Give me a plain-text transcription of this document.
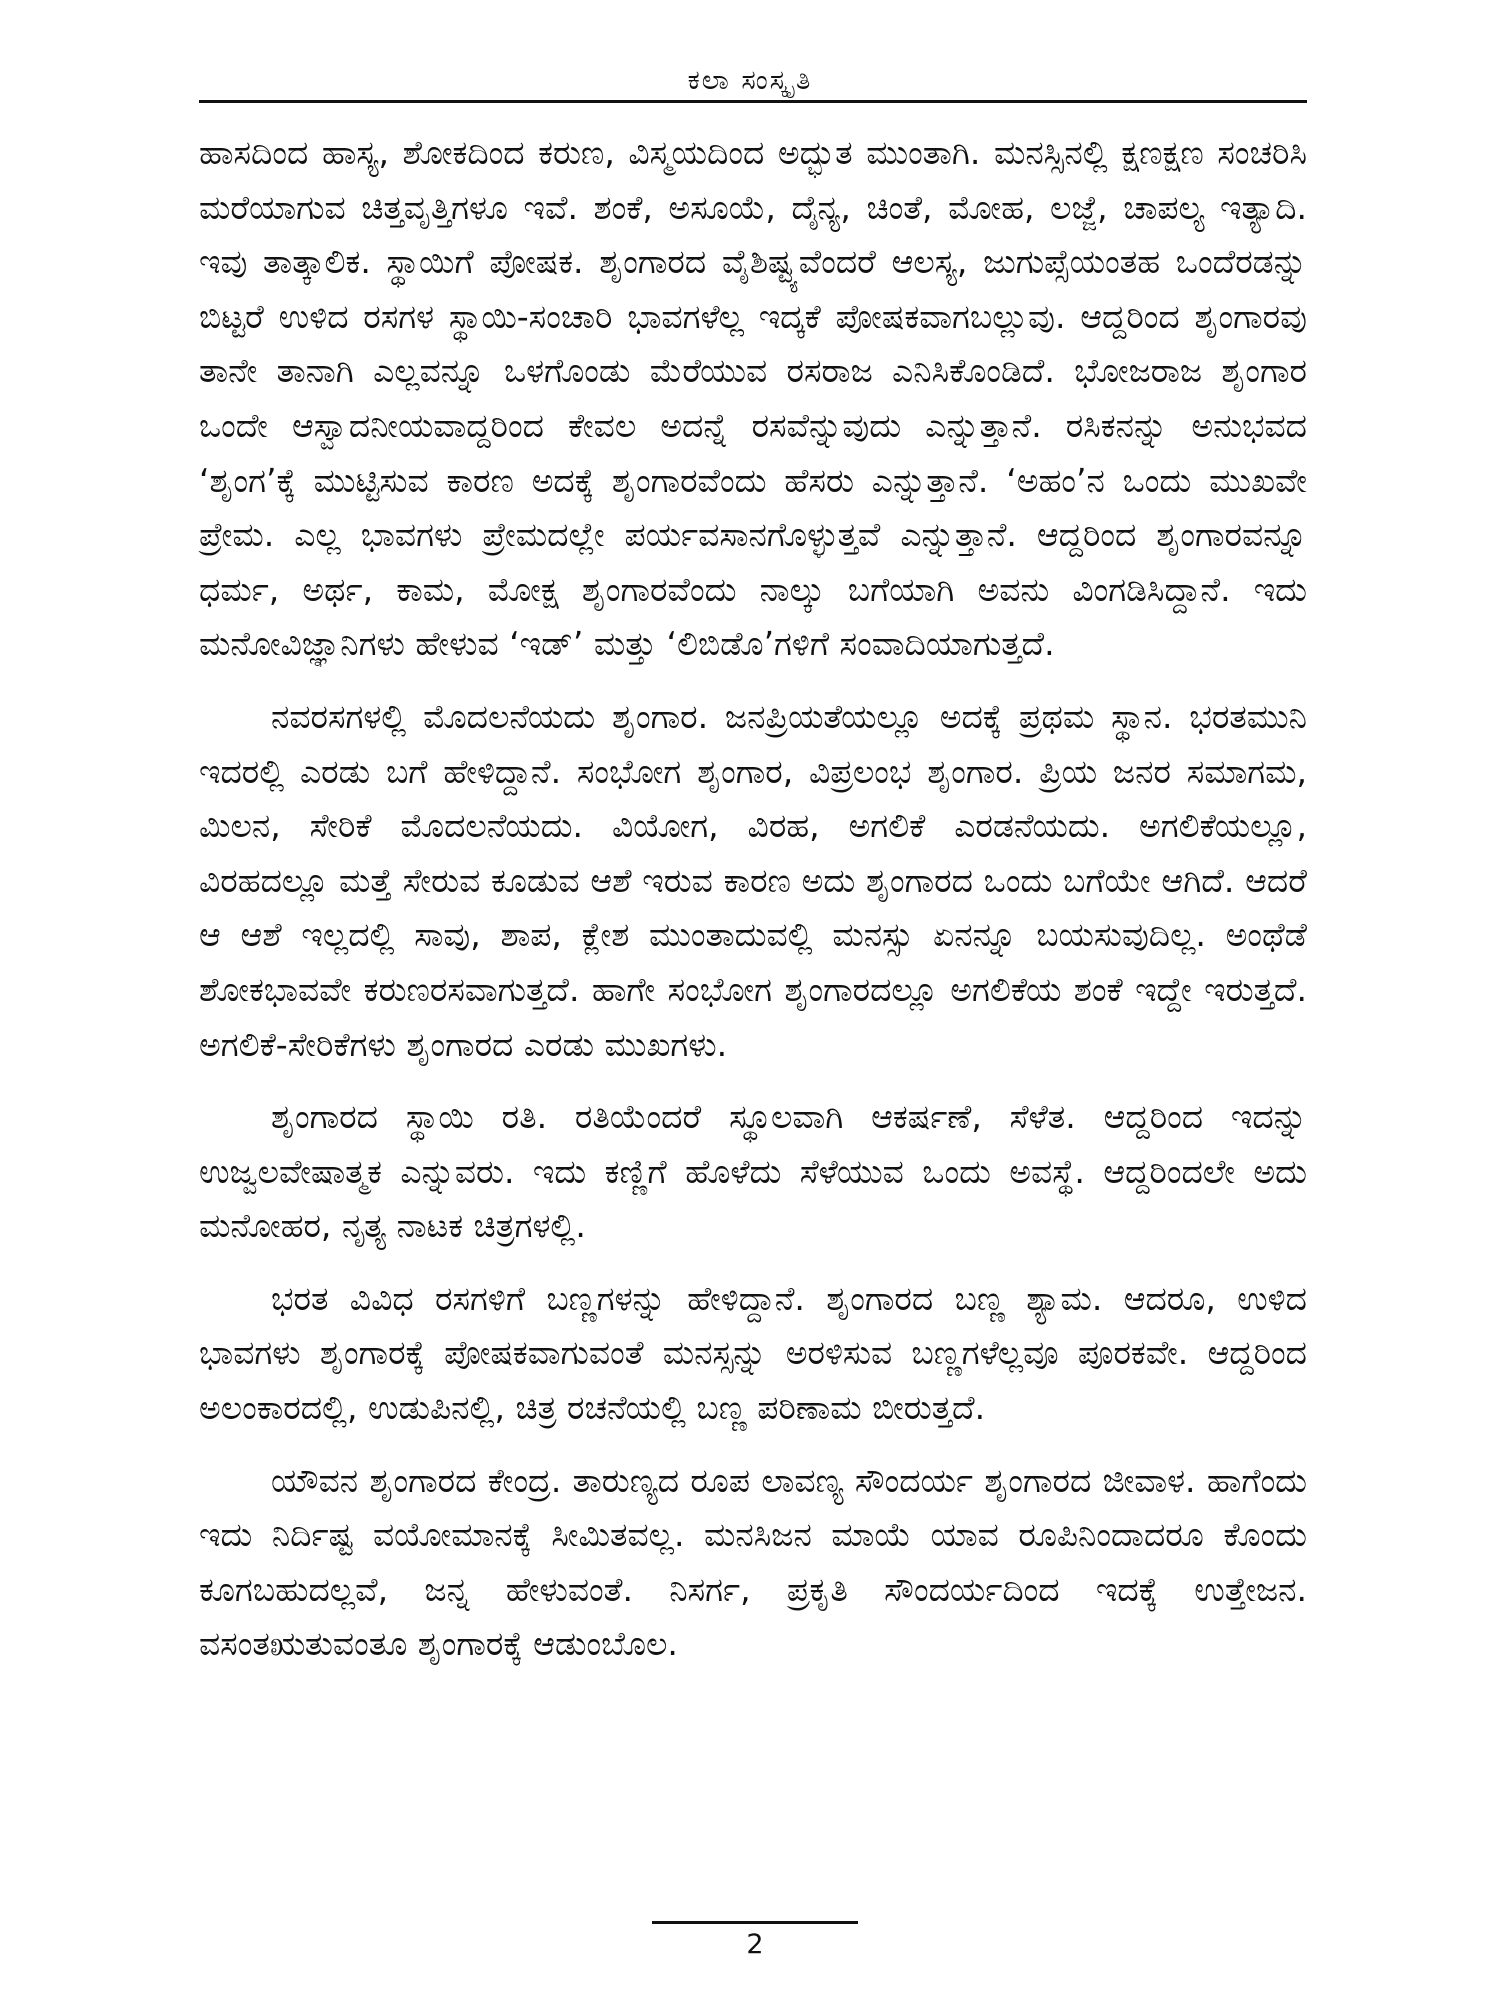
ಕಲಾ ಸಂಸ್ಕೃತಿ

ಹಾಸದಿಂದ ಹಾಸ್ಯ, ಶೋಕದಿಂದ ಕರುಣ, ವಿಸ್ಮಯದಿಂದ ಅದ್ಭುತ ಮುಂತಾಗಿ. ಮನಸ್ಸಿನಲ್ಲಿ ಕ್ಷಣಕ್ಷಣ ಸಂಚರಿಸಿ ಮರೆಯಾಗುವ ಚಿತ್ತವೃತ್ತಿಗಳೂ ಇವೆ. ಶಂಕೆ, ಅಸೂಯೆ, ದೈನ್ಯ, ಚಿಂತೆ, ಮೋಹ, ಲಜ್ಜೆ, ಚಾಪಲ್ಯ ಇತ್ಯಾದಿ. ಇವು ತಾತ್ಕಾಲಿಕ. ಸ್ಥಾಯಿಗೆ ಪೋಷಕ. ಶೃಂಗಾರದ ವೈಶಿಷ್ಟ್ಯವೆಂದರೆ ಆಲಸ್ಯ, ಜುಗುಪ್ಸೆಯಂತಹ ಒಂದೆರಡನ್ನು ಬಿಟ್ಟರೆ ಉಳಿದ ರಸಗಳ ಸ್ಥಾಯಿ-ಸಂಚಾರಿ ಭಾವಗಳೆಲ್ಲ ಇದ್ಕಕೆ ಪೋಷಕವಾಗಬಲ್ಲುವು. ಆದ್ದರಿಂದ ಶೃಂಗಾರವು ತಾನೇ ತಾನಾಗಿ ಎಲ್ಲವನ್ನೂ ಒಳಗೊಂಡು ಮೆರೆಯುವ ರಸರಾಜ ಎನಿಸಿಕೊಂಡಿದೆ. ಭೋಜರಾಜ ಶೃಂಗಾರ ಒಂದೇ ಆಸ್ವಾದನೀಯವಾದ್ದರಿಂದ ಕೇವಲ ಅದನ್ನೆ ರಸವೆನ್ನುವುದು ಎನ್ನುತ್ತಾನೆ. ರಸಿಕನನ್ನು ಅನುಭವದ ‘ಶೃಂಗ’ಕ್ಕೆ ಮುಟ್ಟಿಸುವ ಕಾರಣ ಅದಕ್ಕೆ ಶೃಂಗಾರವೆಂದು ಹೆಸರು ಎನ್ನುತ್ತಾನೆ. ‘ಅಹಂ’ನ ಒಂದು ಮುಖವೇ ಪ್ರೇಮ. ಎಲ್ಲ ಭಾವಗಳು ಪ್ರೇಮದಲ್ಲೇ ಪರ್ಯವಸಾನಗೊಳ್ಳುತ್ತವೆ ಎನ್ನುತ್ತಾನೆ. ಆದ್ದರಿಂದ ಶೃಂಗಾರವನ್ನೂ ಧರ್ಮ, ಅರ್ಥ, ಕಾಮ, ಮೋಕ್ಷ ಶೃಂಗಾರವೆಂದು ನಾಲ್ಕು ಬಗೆಯಾಗಿ ಅವನು ವಿಂಗಡಿಸಿದ್ದಾನೆ. ಇದು ಮನೋವಿಜ್ಞಾನಿಗಳು ಹೇಳುವ ‘ಇಡ್’ ಮತ್ತು ‘ಲಿಬಿಡೊ’ಗಳಿಗೆ ಸಂವಾದಿಯಾಗುತ್ತದೆ.

ನವರಸಗಳಲ್ಲಿ ಮೊದಲನೆಯದು ಶೃಂಗಾರ. ಜನಪ್ರಿಯತೆಯಲ್ಲೂ ಅದಕ್ಕೆ ಪ್ರಥಮ ಸ್ಥಾನ. ಭರತಮುನಿ ಇದರಲ್ಲಿ ಎರಡು ಬಗೆ ಹೇಳಿದ್ದಾನೆ. ಸಂಭೋಗ ಶೃಂಗಾರ, ವಿಪ್ರಲಂಭ ಶೃಂಗಾರ. ಪ್ರಿಯ ಜನರ ಸಮಾಗಮ, ಮಿಲನ, ಸೇರಿಕೆ ಮೊದಲನೆಯದು. ವಿಯೋಗ, ವಿರಹ, ಅಗಲಿಕೆ ಎರಡನೆಯದು. ಅಗಲಿಕೆಯಲ್ಲೂ, ವಿರಹದಲ್ಲೂ ಮತ್ತೆ ಸೇರುವ ಕೂಡುವ ಆಶೆ ಇರುವ ಕಾರಣ ಅದು ಶೃಂಗಾರದ ಒಂದು ಬಗೆಯೇ ಆಗಿದೆ. ಆದರೆ ಆ ಆಶೆ ಇಲ್ಲದಲ್ಲಿ ಸಾವು, ಶಾಪ, ಕ್ಲೇಶ ಮುಂತಾದುವಲ್ಲಿ ಮನಸ್ಸು ಏನನ್ನೂ ಬಯಸುವುದಿಲ್ಲ. ಅಂಥೆಡೆ ಶೋಕಭಾವವೇ ಕರುಣರಸವಾಗುತ್ತದೆ. ಹಾಗೇ ಸಂಭೋಗ ಶೃಂಗಾರದಲ್ಲೂ ಅಗಲಿಕೆಯ ಶಂಕೆ ಇದ್ದೇ ಇರುತ್ತದೆ. ಅಗಲಿಕೆ-ಸೇರಿಕೆಗಳು ಶೃಂಗಾರದ ಎರಡು ಮುಖಗಳು.

ಶೃಂಗಾರದ ಸ್ಥಾಯಿ ರತಿ. ರತಿಯೆಂದರೆ ಸ್ಥೂಲವಾಗಿ ಆಕರ್ಷಣೆ, ಸೆಳೆತ. ಆದ್ದರಿಂದ ಇದನ್ನು ಉಜ್ವಲವೇಷಾತ್ಮಕ ಎನ್ನುವರು. ಇದು ಕಣ್ಣಿಗೆ ಹೊಳೆದು ಸೆಳೆಯುವ ಒಂದು ಅವಸ್ಥೆ. ಆದ್ದರಿಂದಲೇ ಅದು ಮನೋಹರ, ನೃತ್ಯ ನಾಟಕ ಚಿತ್ರಗಳಲ್ಲಿ.

ಭರತ ವಿವಿಧ ರಸಗಳಿಗೆ ಬಣ್ಣಗಳನ್ನು ಹೇಳಿದ್ದಾನೆ. ಶೃಂಗಾರದ ಬಣ್ಣ ಶ್ಯಾಮ. ಆದರೂ, ಉಳಿದ ಭಾವಗಳು ಶೃಂಗಾರಕ್ಕೆ ಪೋಷಕವಾಗುವಂತೆ ಮನಸ್ಸನ್ನು ಅರಳಿಸುವ ಬಣ್ಣಗಳೆಲ್ಲವೂ ಪೂರಕವೇ. ಆದ್ದರಿಂದ ಅಲಂಕಾರದಲ್ಲಿ, ಉಡುಪಿನಲ್ಲಿ, ಚಿತ್ರ ರಚನೆಯಲ್ಲಿ ಬಣ್ಣ ಪರಿಣಾಮ ಬೀರುತ್ತದೆ.

ಯೌವನ ಶೃಂಗಾರದ ಕೇಂದ್ರ. ತಾರುಣ್ಯದ ರೂಪ ಲಾವಣ್ಯ ಸೌಂದರ್ಯ ಶೃಂಗಾರದ ಜೀವಾಳ. ಹಾಗೆಂದು ಇದು ನಿರ್ದಿಷ್ಟ ವಯೋಮಾನಕ್ಕೆ ಸೀಮಿತವಲ್ಲ. ಮನಸಿಜನ ಮಾಯೆ ಯಾವ ರೂಪಿನಿಂದಾದರೂ ಕೊಂದು ಕೂಗಬಹುದಲ್ಲವೆ, ಜನ್ನ ಹೇಳುವಂತೆ. ನಿಸರ್ಗ, ಪ್ರಕೃತಿ ಸೌಂದರ್ಯದಿಂದ ಇದಕ್ಕೆ ಉತ್ತೇಜನ. ವಸಂತಋತುವಂತೂ ಶೃಂಗಾರಕ್ಕೆ ಆಡುಂಬೊಲ.

2
